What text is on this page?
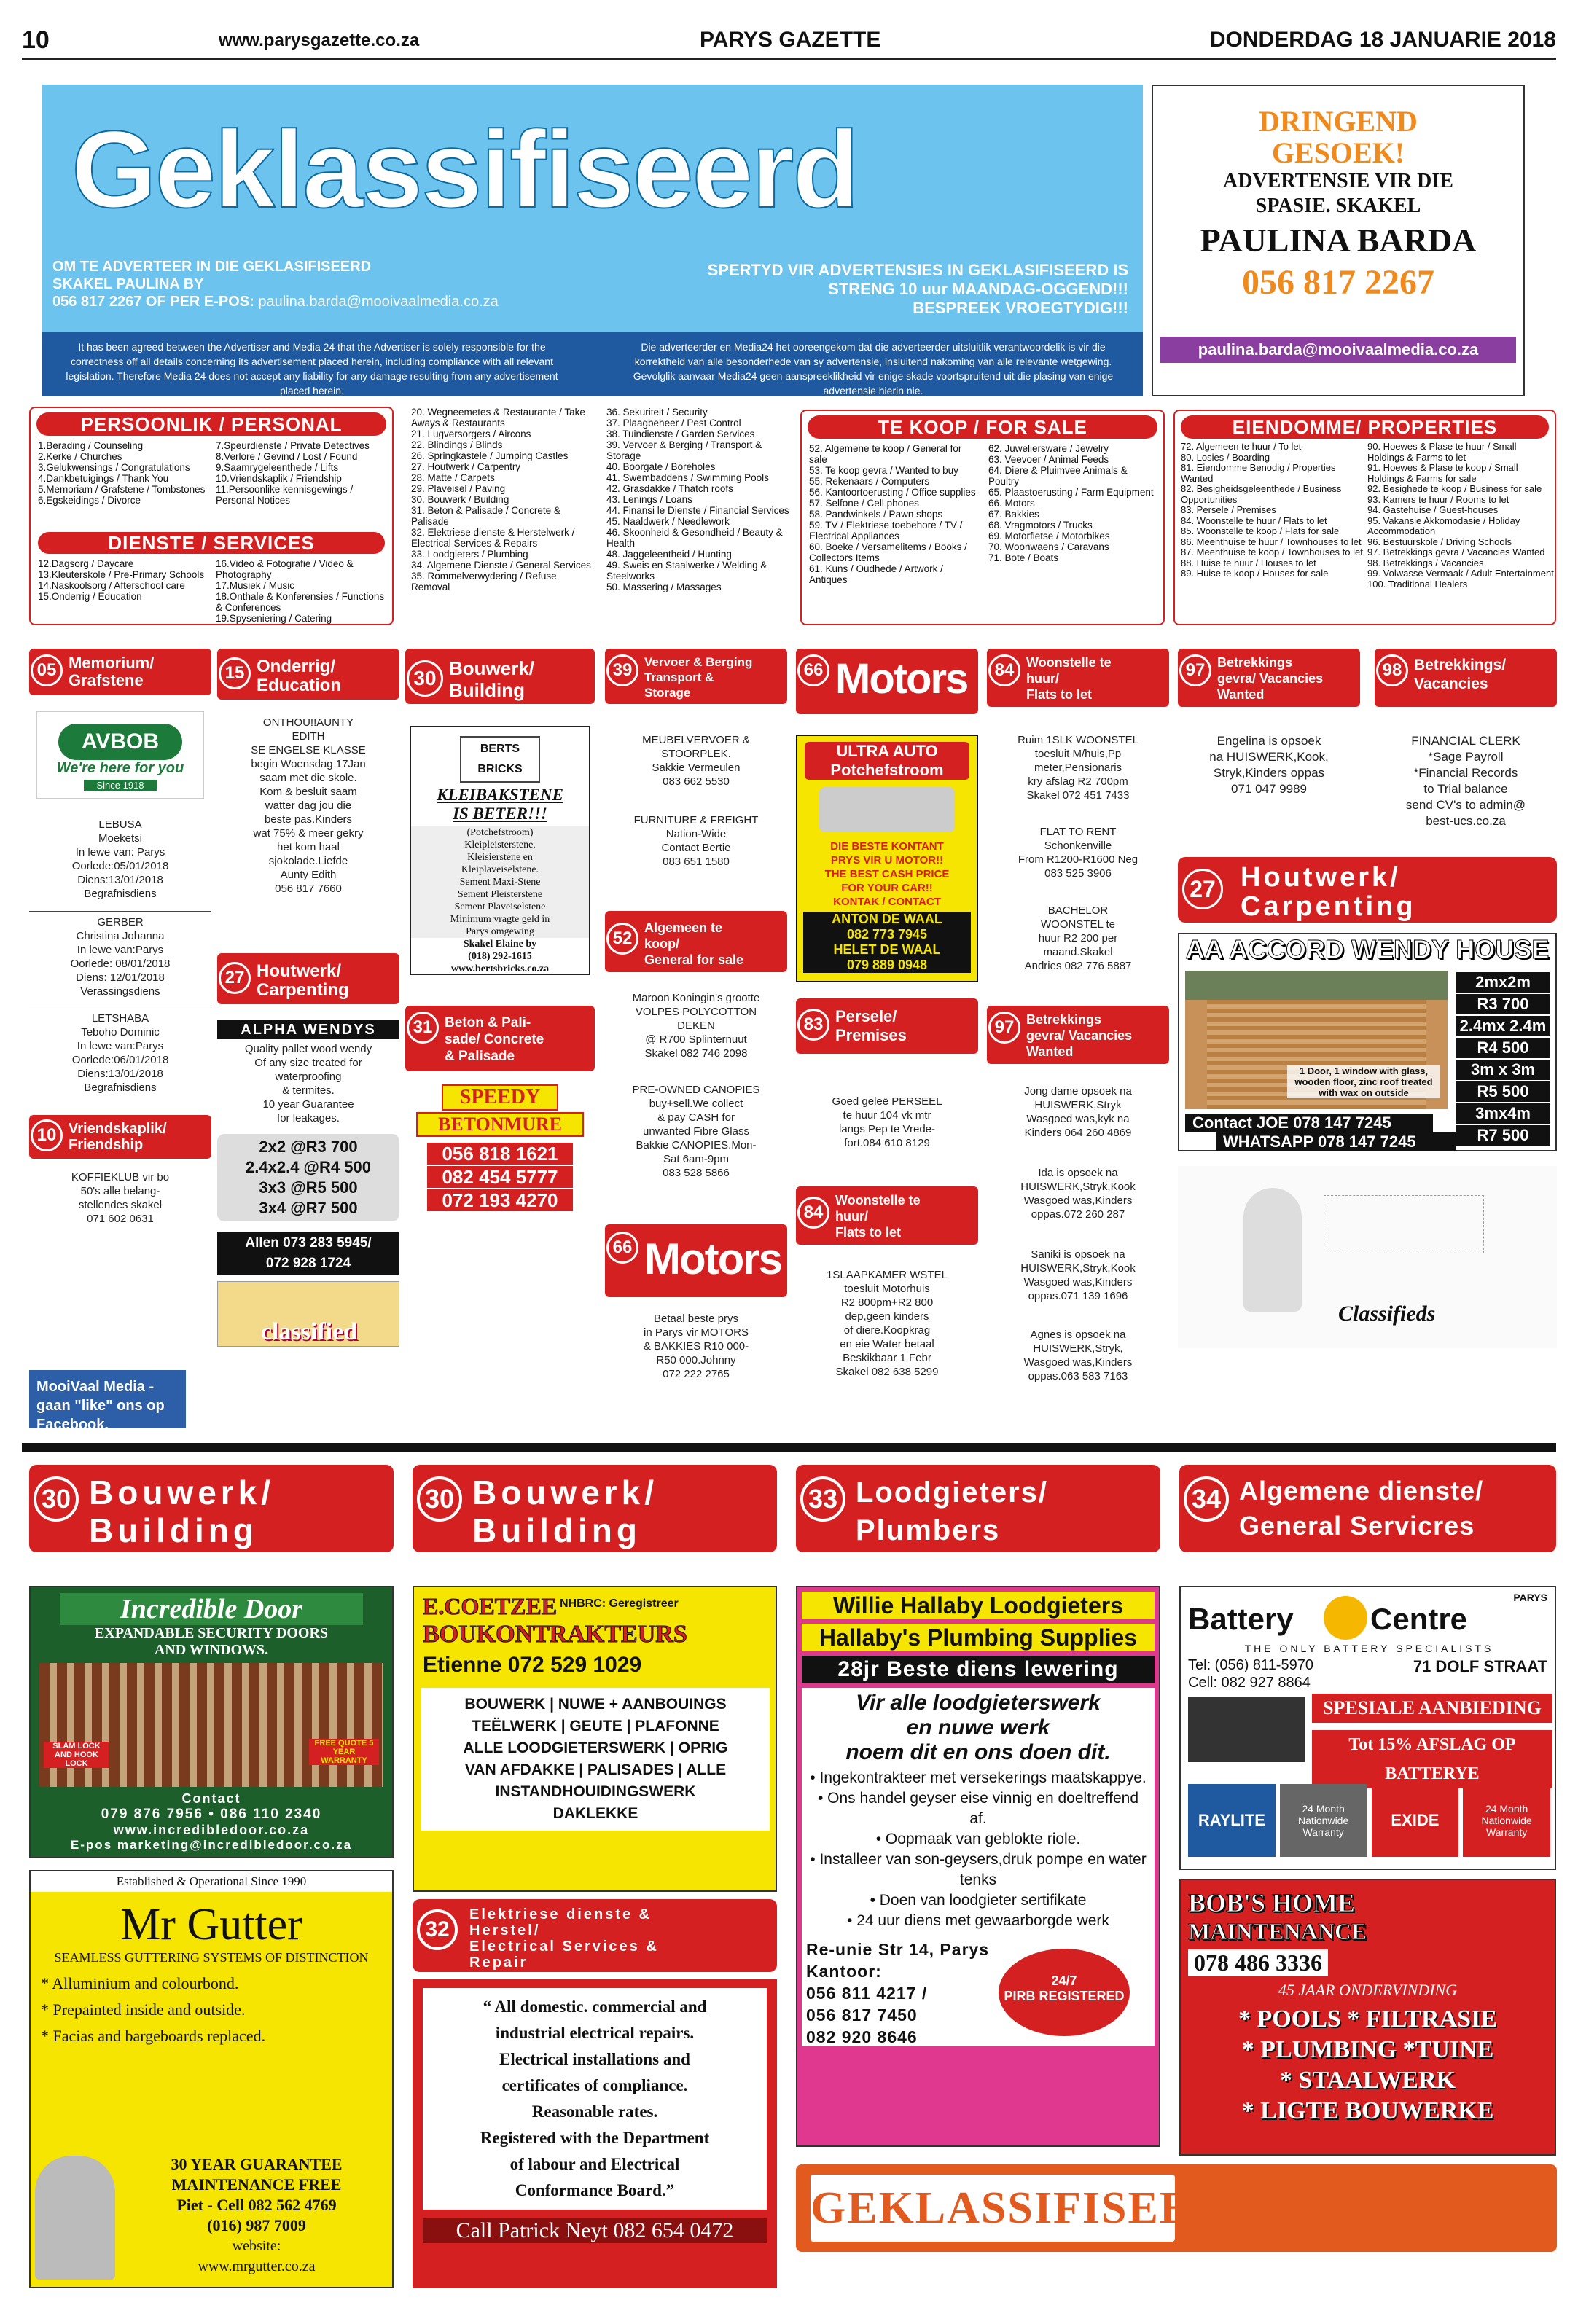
10	www.parysgazette.co.za	PARYS GAZETTE	DONDERDAG 18 JANUARIE 2018
Geklassifiseerd
OM TE ADVERTEER IN DIE GEKLASIFISEERD
SKAKEL PAULINA BY
056 817 2267 OF PER E-POS: paulina.barda@mooivaalmedia.co.za
SPERTYD VIR ADVERTENSIES IN GEKLASIFISEERD IS
STRENG 10 uur MAANDAG-OGGEND!!!
BESPREEK VROEGTYDIG!!!
It has been agreed between the Advertiser and Media 24 that the Advertiser is solely responsible for the correctness off all details concerning its advertisement placed herein, including compliance with all relevant legislation. Therefore Media 24 does not accept any liability for any damage resulting from any advertisement placed herein.
Die adverteerder en Media24 het ooreengekom dat die adverteerder uitsluitlik verantwoordelik is vir die korrektheid van alle besonderhede van sy advertensie, insluitend nakoming van alle relevante wetgewing. Gevolglik aanvaar Media24 geen aanspreeklikheid vir enige skade voortspruitend uit die plasing van enige advertensie hierin nie.
DRINGEND
GESOEK!
ADVERTENSIE VIR DIE
SPASIE. SKAKEL
PAULINA BARDA
056 817 2267
paulina.barda@mooivaalmedia.co.za
PERSOONLIK / PERSONAL
1.Berading / Counseling
2.Kerke / Churches
3.Gelukwensings / Congratulations
4.Dankbetuigings / Thank You
5.Memoriam / Grafstene / Tombstones
6.Egskeidings / Divorce
7.Speurdienste / Private Detectives
8.Verlore / Gevind / Lost / Found
9.Saamrygeleenthede / Lifts
10.Vriendskaplik / Friendship
11.Persoonlike kennisgewings / Personal Notices
DIENSTE / SERVICES
12.Dagsorg / Daycare
13.Kleuterskole / Pre-Primary Schools
14.Naskoolsorg / Afterschool care
15.Onderrig / Education
16.Video & Fotografie / Video & Photography
17.Musiek / Music
18.Onthale & Konferensies / Functions & Conferences
19.Spyseniering / Catering
20. Wegneemetes & Restaurante / Take Aways & Restaurants
21. Lugversorgers / Aircons
22. Blindings / Blinds
26. Springkastele / Jumping Castles
27. Houtwerk / Carpentry
28. Matte / Carpets
29. Plaveisel / Paving
30. Bouwerk / Building
31. Beton & Palisade / Concrete & Palisade
32. Elektriese dienste & Herstelwerk / Electrical Services & Repairs
33. Loodgieters / Plumbing
34. Algemene Dienste / General Services
35. Rommelverwydering / Refuse Removal
36. Sekuriteit / Security
37. Plaagbeheer / Pest Control
38. Tuindienste / Garden Services
39. Vervoer & Berging / Transport & Storage
40. Boorgate / Boreholes
41. Swembaddens / Swimming Pools
42. Grasdakke / Thatch roofs
43. Lenings / Loans
44. Finansi le Dienste / Financial Services
45. Naaldwerk / Needlework
46. Skoonheid & Gesondheid / Beauty & Health
48. Jaggeleentheid / Hunting
49. Sweis en Staalwerke / Welding & Steelworks
50. Massering / Massages
TE KOOP / FOR SALE
52. Algemene te koop / General for sale
53. Te koop gevra / Wanted to buy
55. Rekenaars / Computers
56. Kantoortoerusting / Office supplies
57. Selfone / Cell phones
58. Pandwinkels / Pawn shops
59. TV / Elektriese toebehore / TV / Electrical Appliances
60. Boeke / Versamelitems / Books / Collectors Items
61. Kuns / Oudhede / Artwork / Antiques
62. Juweliersware / Jewelry
63. Veevoer / Animal Feeds
64. Diere & Pluimvee Animals & Poultry
65. Plaastoerusting / Farm Equipment
66. Motors
67. Bakkies
68. Vragmotors / Trucks
69. Motorfietse / Motorbikes
70. Woonwaens / Caravans
71. Bote / Boats
EIENDOMME/ PROPERTIES
72. Algemeen te huur / To let
80. Losies / Boarding
81. Eiendomme Benodig / Properties Wanted
82. Besigheidsgeleenthede / Business Opportunities
83. Persele / Premises
84. Woonstelle te huur / Flats to let
85. Woonstelle te koop / Flats for sale
86. Meenthuise te huur / Townhouses to let
87. Meenthuise te koop / Townhouses to let
88. Huise te huur / Houses to let
89. Huise te koop / Houses for sale
90. Hoewes & Plase te huur / Small Holdings & Farms to let
91. Hoewes & Plase te koop / Small Holdings & Farms for sale
92. Besighede te koop / Business for sale
93. Kamers te huur / Rooms to let
94. Gastehuise / Guest-houses
95. Vakansie Akkomodasie / Holiday Accommodation
96. Bestuurskole / Driving Schools
97. Betrekkings gevra / Vacancies Wanted
98. Betrekkings / Vacancies
99. Volwasse Vermaak / Adult Entertainment
100. Traditional Healers
05 Memorium/
Grafstene
AVBOB
We're here for you
Since 1918
LEBUSA
Moeketsi
In lewe van: Parys
Oorlede:05/01/2018
Diens:13/01/2018
Begrafnisdiens
GERBER
Christina Johanna
In lewe van:Parys
Oorlede: 08/01/2018
Diens: 12/01/2018
Verassingsdiens
LETSHABA
Teboho Dominic
In lewe van:Parys
Oorlede:06/01/2018
Diens:13/01/2018
Begrafnisdiens
10 Vriendskaplik/
Friendship
KOFFIEKLUB vir bo
50's alle belang-
stellendes skakel
071 602 0631
MooiVaal Media - gaan "like" ons op Facebook.
15 Onderrig/
Education
ONTHOU!!AUNTY
EDITH
SE ENGELSE KLASSE
begin Woensdag 17Jan
saam met die skole.
Kom & besluit saam
watter dag jou die
beste pas.Kinders
wat 75% & meer gekry
het kom haal
sjokolade.Liefde
Aunty Edith
056 817 7660
27 Houtwerk/
Carpenting
ALPHA WENDYS
Quality pallet wood wendy
Of any size treated for
waterproofing
& termites.
10 year Guarantee
for leakages.
2x2 @R3 700
2.4x2.4 @R4 500
3x3 @R5 500
3x4 @R7 500
Allen 073 283 5945/
072 928 1724
classified
30 Bouwerk/
Building
BERTS BRICKS
KLEIBAKSTENE
IS BETER!!!
(Potchefstroom)
Kleipleisterstene,
Kleisierstene en
Kleiplaveiselstene.
Sement Maxi-Stene
Sement Pleisterstene
Sement Plaveiselstene
Minimum vragte geld in
Parys omgewing
Skakel Elaine by
(018) 292-1615
www.bertsbricks.co.za
31 Beton & Pali-
sade/ Concrete
& Palisade
SPEEDY
BETONMURE
056 818 1621
082 454 5777
072 193 4270
39 Vervoer & Berging
Transport &
Storage
MEUBELVERVOER &
STOORPLEK.
Sakkie Vermeulen
083 662 5530
FURNITURE & FREIGHT
Nation-Wide
Contact Bertie
083 651 1580
52
Algemeen te
koop/
General for sale
Maroon Koningin's grootte
VOLPES POLYCOTTON
DEKEN
@ R700 Splinternuut
Skakel 082 746 2098
PRE-OWNED CANOPIES
buy+sell.We collect
& pay CASH for
unwanted Fibre Glass
Bakkie CANOPIES.Mon-
Sat 6am-9pm
083 528 5866
66 Motors
Betaal beste prys
in Parys vir MOTORS
& BAKKIES R10 000-
R50 000.Johnny
072 222 2765
66 Motors
ULTRA AUTO
Potchefstroom
DIE BESTE KONTANT
PRYS VIR U MOTOR!!
THE BEST CASH PRICE
FOR YOUR CAR!!
KONTAK / CONTACT
ANTON DE WAAL
082 773 7945
HELET DE WAAL
079 889 0948
83 Persele/
Premises
Goed geleë PERSEEL
te huur 104 vk mtr
langs Pep te Vrede-
fort.084 610 8129
84
Woonstelle te
huur/
Flats to let
1SLAAPKAMER WSTEL
toesluit Motorhuis
R2 800pm+R2 800
dep,geen kinders
of diere.Koopkrag
en eie Water betaal
Beskikbaar 1 Febr
Skakel 082 638 5299
84 Woonstelle te
huur/
Flats to let
Ruim 1SLK WOONSTEL
toesluit M/huis,Pp
meter,Pensionaris
kry afslag R2 700pm
Skakel 072 451 7433
FLAT TO RENT
Schonkenville
From R1200-R1600 Neg
083 525 3906
BACHELOR
WOONSTEL te
huur R2 200 per
maand.Skakel
Andries 082 776 5887
97 Betrekkings
gevra/ Vacancies
Wanted
Jong dame opsoek na
HUISWERK,Stryk
Wasgoed was,kyk na
Kinders 064 260 4869
Ida is opsoek na
HUISWERK,Stryk,Kook
Wasgoed was,Kinders
oppas.072 260 287
Saniki is opsoek na
HUISWERK,Stryk,Kook
Wasgoed was,Kinders
oppas.071 139 1696
Agnes is opsoek na
HUISWERK,Stryk,
Wasgoed was,Kinders
oppas.063 583 7163
97 Betrekkings
gevra/ Vacancies
Wanted
Engelina is opsoek
na HUISWERK,Kook,
Stryk,Kinders oppas
071 047 9989
98 Betrekkings/
Vacancies
FINANCIAL CLERK
*Sage Payroll
*Financial Records
to Trial balance
send CV's to admin@
best-ucs.co.za
27 Houtwerk/
Carpenting
AA ACCORD WENDY HOUSE
1 Door, 1 window with glass, wooden floor, zinc roof treated with wax on outside
2mx2m
R3 700
2.4mx 2.4m
R4 500
3m x 3m
R5 500
3mx4m
R7 500
Contact JOE 078 147 7245
WHATSAPP 078 147 7245
Classifieds
30 Bouwerk/
Building
30 Bouwerk/
Building
33 Loodgieters/
Plumbers
34 Algemene dienste/
General Servicres
Incredible Door
EXPANDABLE SECURITY DOORS
AND WINDOWS.
SLAM LOCK AND HOOK LOCK
FREE QUOTE 5 YEAR WARRANTY
Contact
079 876 7956 • 086 110 2340
www.incredibledoor.co.za
E-pos marketing@incredibledoor.co.za
Established & Operational Since 1990
Mr Gutter
SEAMLESS GUTTERING SYSTEMS OF DISTINCTION
* Alluminium and colourbond.
* Prepainted inside and outside.
* Facias and bargeboards replaced.
30 YEAR GUARANTEE
MAINTENANCE FREE
Piet - Cell 082 562 4769
(016) 987 7009
website:
www.mrgutter.co.za
E.COETZEE NHBRC: Geregistreer
BOUKONTRAKTEURS
Etienne 072 529 1029
BOUWERK | NUWE + AANBOUINGS
TEËLWERK | GEUTE | PLAFONNE
ALLE LOODGIETERSWERK | OPRIG
VAN AFDAKKE | PALISADES | ALLE
INSTANDHOUIDINGSWERK
DAKLEKKE
32
Elektriese dienste &
Herstel/
Electrical Services &
Repair
“ All domestic. commercial and
industrial electrical repairs.
Electrical installations and
certificates of compliance.
Reasonable rates.
Registered with the Department
of labour and Electrical
Conformance Board.”
Call Patrick Neyt 082 654 0472
Willie Hallaby Loodgieters
Hallaby's Plumbing Supplies
28jr Beste diens lewering
Vir alle loodgieterswerk
en nuwe werk
noem dit en ons doen dit.
• Ingekontrakteer met versekerings maatskappye.
• Ons handel geyser eise vinnig en doeltreffend af.
• Oopmaak van geblokte riole.
• Installeer van son-geysers,druk pompe en water tenks
• Doen van loodgieter sertifikate
• 24 uur diens met gewaarborgde werk
Re-unie Str 14, Parys
Kantoor:
056 811 4217 /
056 817 7450
082 920 8646
24/7
PIRB REGISTERED
PARYS
Battery	Centre
THE ONLY BATTERY SPECIALISTS
Tel: (056) 811-5970
Cell: 082 927 8864
71 DOLF STRAAT
SPESIALE AANBIEDING
Tot 15% AFSLAG OP BATTERYE
RAYLITE
24 Month Nationwide Warranty
EXIDE
24 Month Nationwide Warranty
BOB'S HOME
MAINTENANCE
078 486 3336
45 JAAR ONDERVINDING
* POOLS * FILTRASIE
* PLUMBING *TUINE
* STAALWERK
* LIGTE BOUWERKE
GEKLASSIFISEERD
